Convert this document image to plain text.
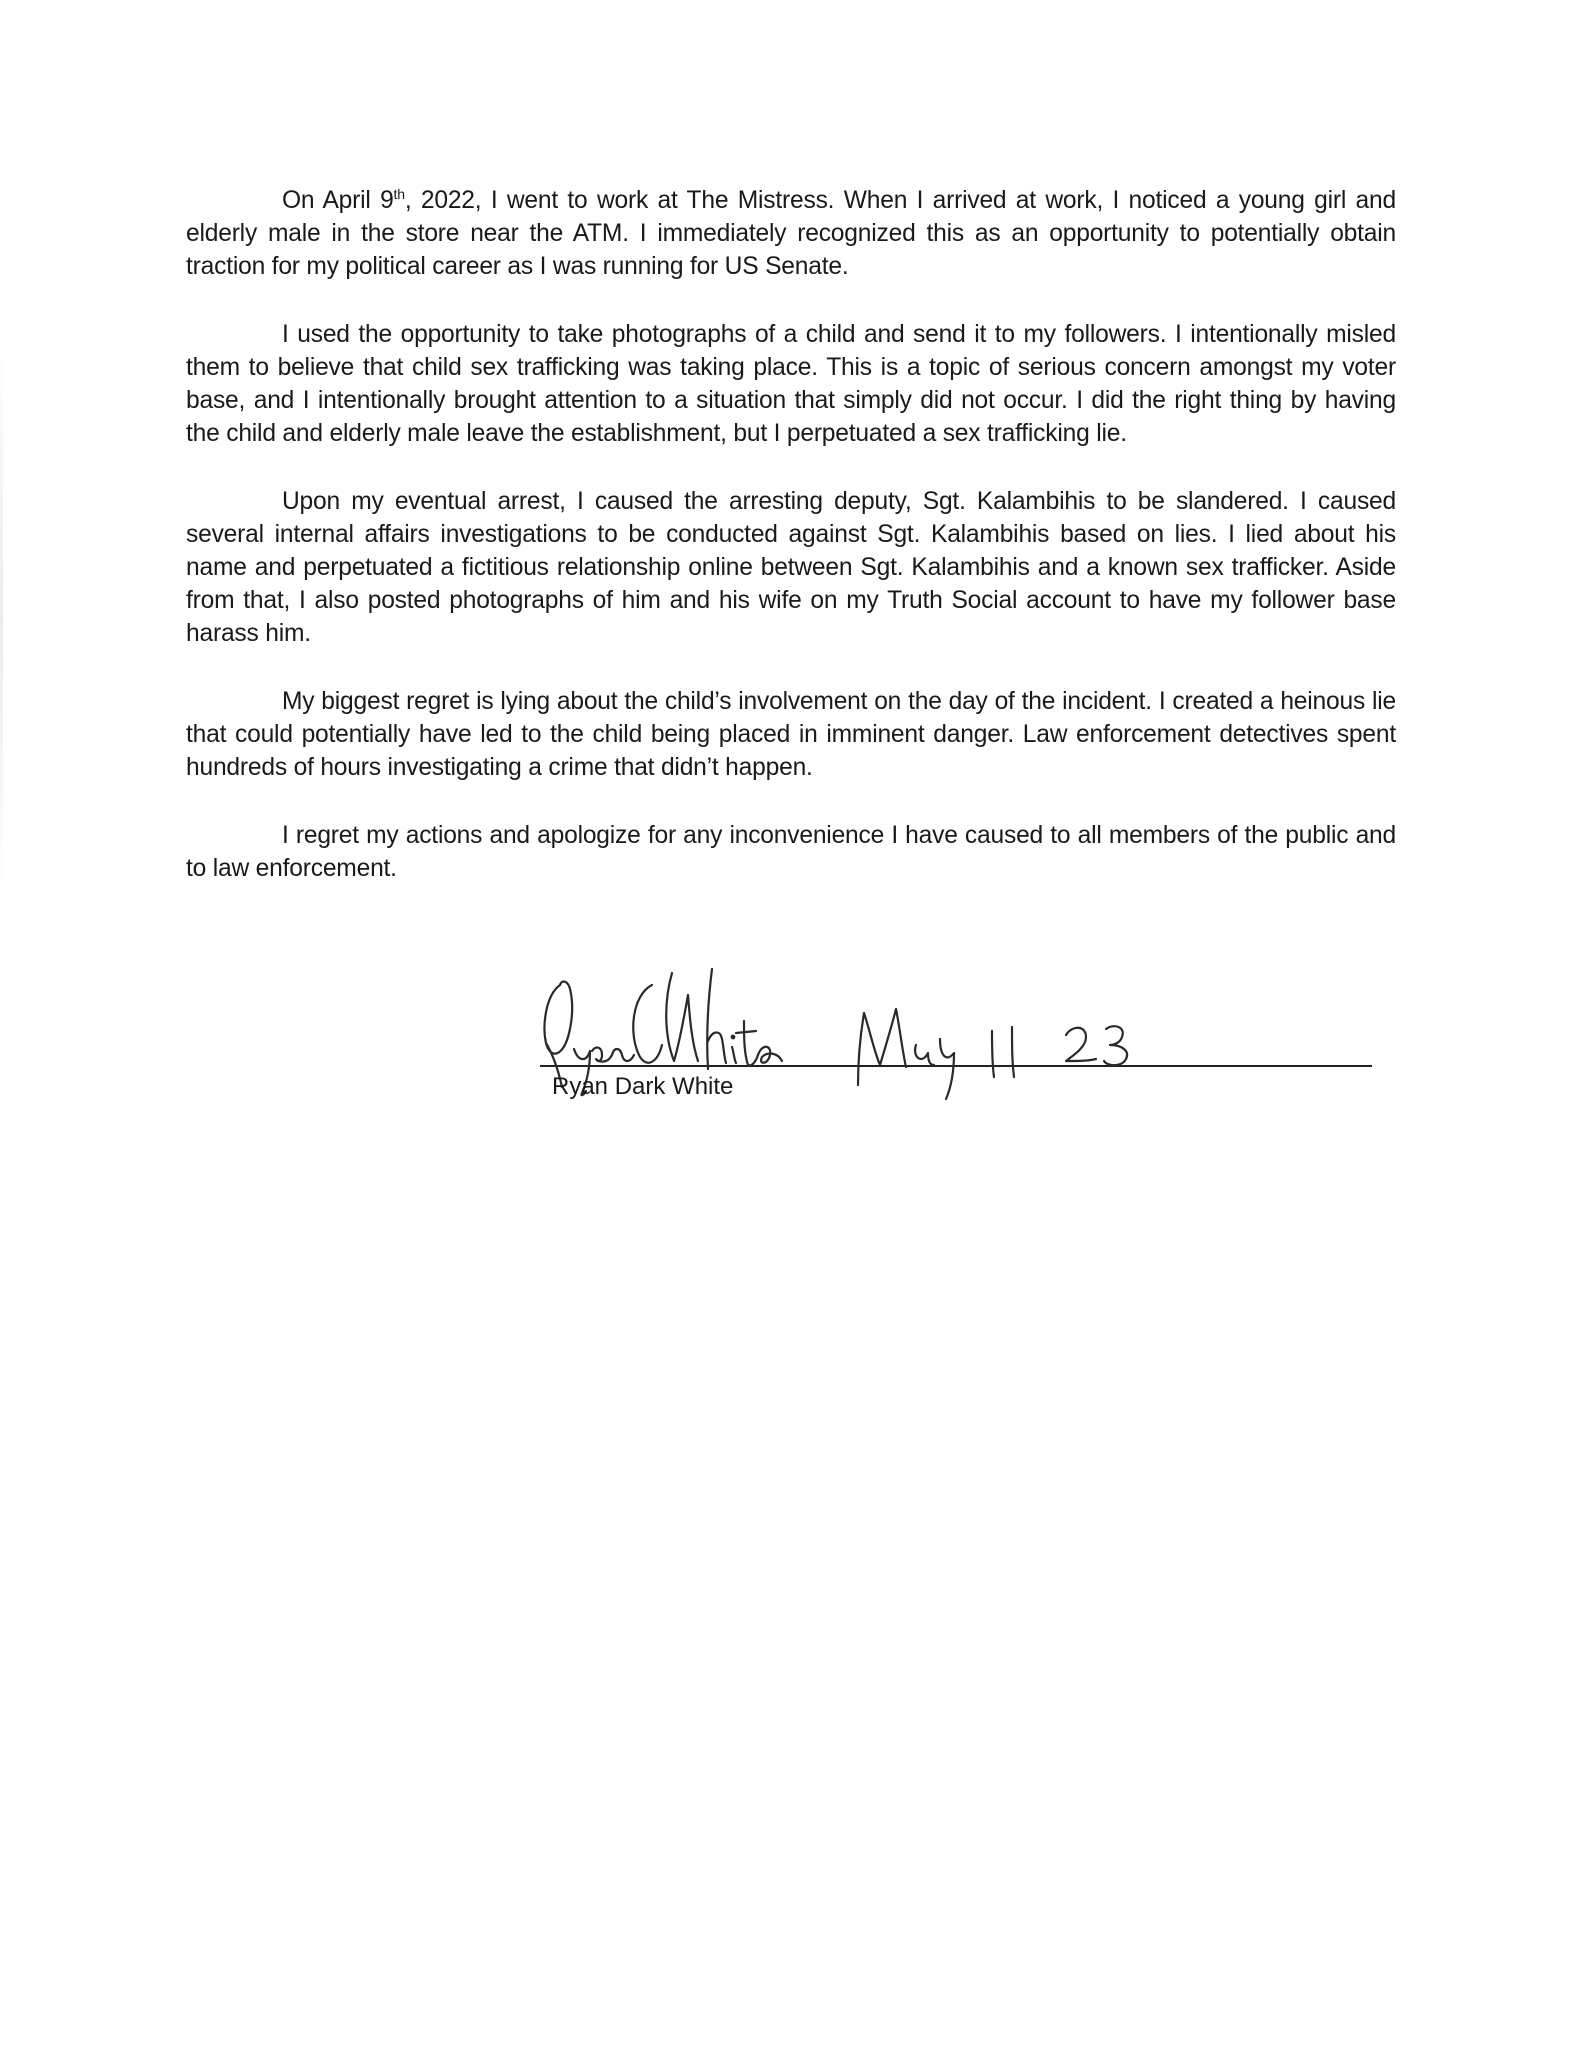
On April 9th, 2022, I went to work at The Mistress. When I arrived at work, I noticed a young girl and elderly male in the store near the ATM. I immediately recognized this as an opportunity to potentially obtain traction for my political career as I was running for US Senate.

I used the opportunity to take photographs of a child and send it to my followers. I intentionally misled them to believe that child sex trafficking was taking place. This is a topic of serious concern amongst my voter base, and I intentionally brought attention to a situation that simply did not occur. I did the right thing by having the child and elderly male leave the establishment, but I perpetuated a sex trafficking lie.

Upon my eventual arrest, I caused the arresting deputy, Sgt. Kalambihis to be slandered. I caused several internal affairs investigations to be conducted against Sgt. Kalambihis based on lies. I lied about his name and perpetuated a fictitious relationship online between Sgt. Kalambihis and a known sex trafficker. Aside from that, I also posted photographs of him and his wife on my Truth Social account to have my follower base harass him.

My biggest regret is lying about the child’s involvement on the day of the incident. I created a heinous lie that could potentially have led to the child being placed in imminent danger. Law enforcement detectives spent hundreds of hours investigating a crime that didn’t happen.

I regret my actions and apologize for any inconvenience I have caused to all members of the public and to law enforcement.

Ryan Dark White
